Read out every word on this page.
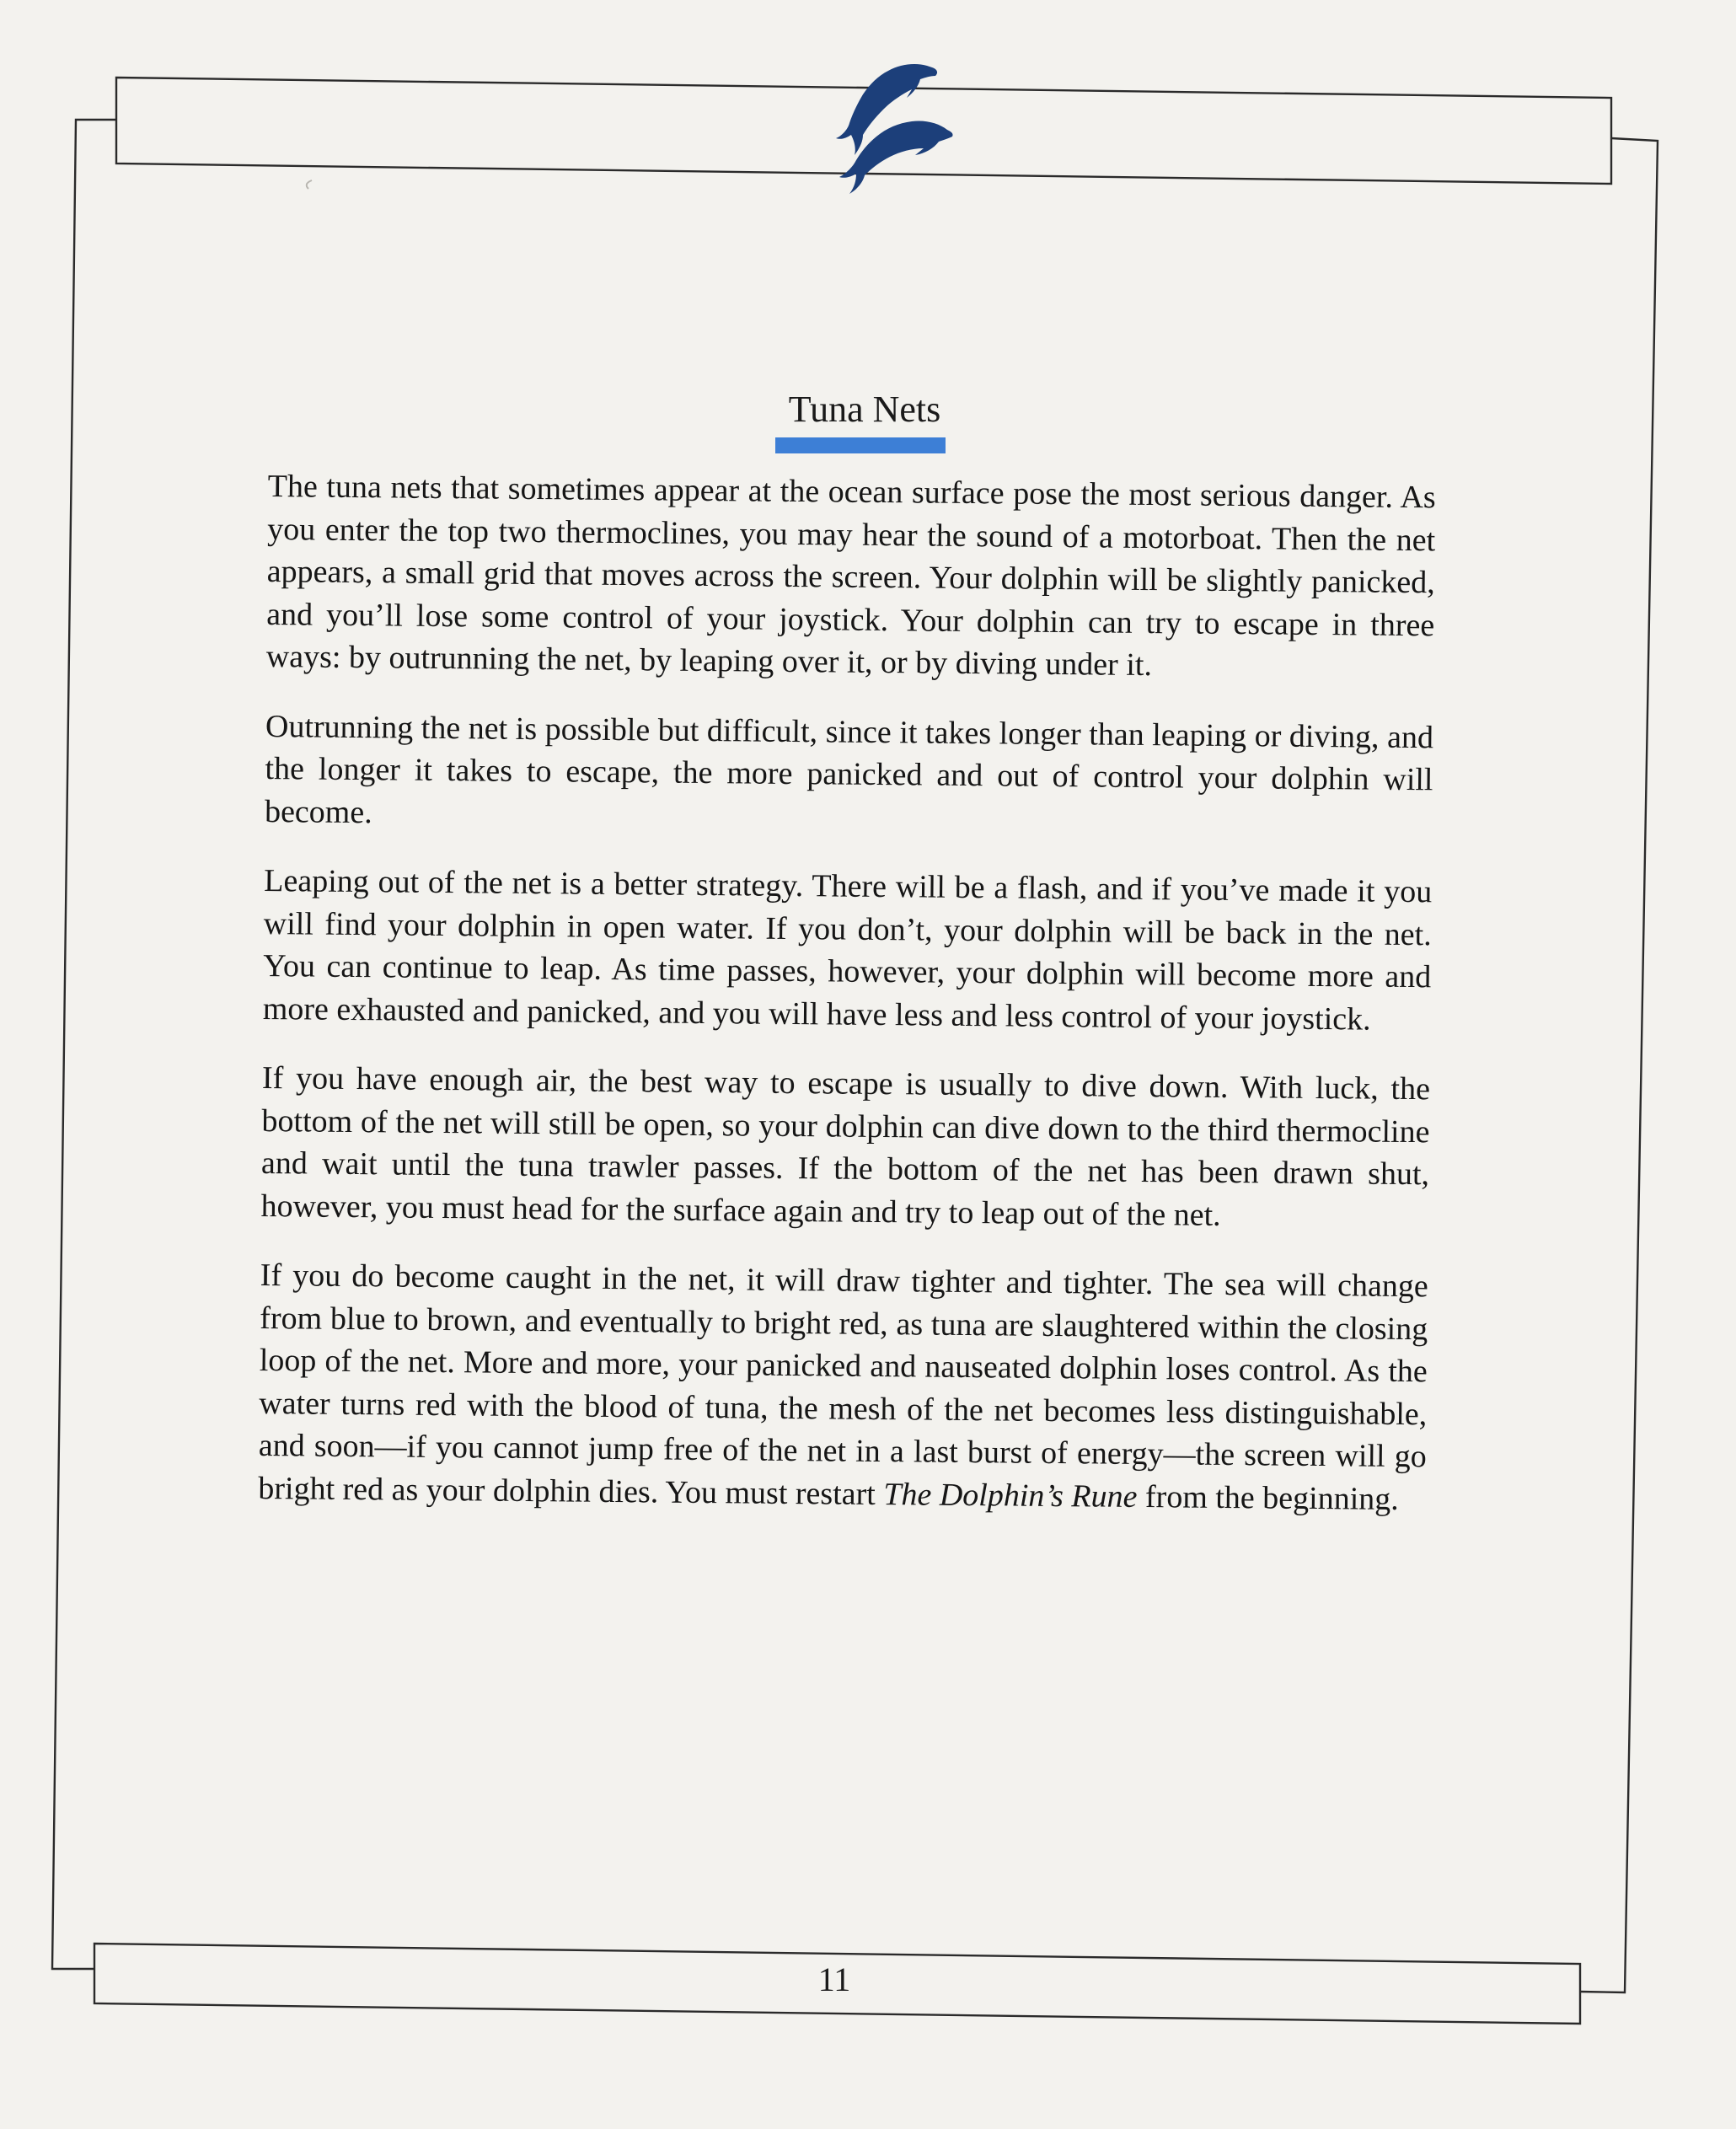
Tuna Nets

The tuna nets that sometimes appear at the ocean surface pose the most serious danger. As you enter the top two thermoclines, you may hear the sound of a motorboat. Then the net appears, a small grid that moves across the screen. Your dolphin will be slightly panicked, and you’ll lose some control of your joystick. Your dolphin can try to escape in three ways: by outrunning the net, by leaping over it, or by diving under it.

Outrunning the net is possible but difficult, since it takes longer than leaping or diving, and the longer it takes to escape, the more panicked and out of control your dolphin will become.

Leaping out of the net is a better strategy. There will be a flash, and if you’ve made it you will find your dolphin in open water. If you don’t, your dolphin will be back in the net. You can continue to leap. As time passes, however, your dolphin will become more and more exhausted and panicked, and you will have less and less control of your joystick.

If you have enough air, the best way to escape is usually to dive down. With luck, the bottom of the net will still be open, so your dolphin can dive down to the third thermocline and wait until the tuna trawler passes. If the bottom of the net has been drawn shut, however, you must head for the surface again and try to leap out of the net.

If you do become caught in the net, it will draw tighter and tighter. The sea will change from blue to brown, and eventually to bright red, as tuna are slaughtered within the closing loop of the net. More and more, your panicked and nauseated dolphin loses control. As the water turns red with the blood of tuna, the mesh of the net becomes less distinguishable, and soon—if you cannot jump free of the net in a last burst of energy—the screen will go bright red as your dolphin dies. You must restart The Dolphin’s Rune from the beginning.

11
